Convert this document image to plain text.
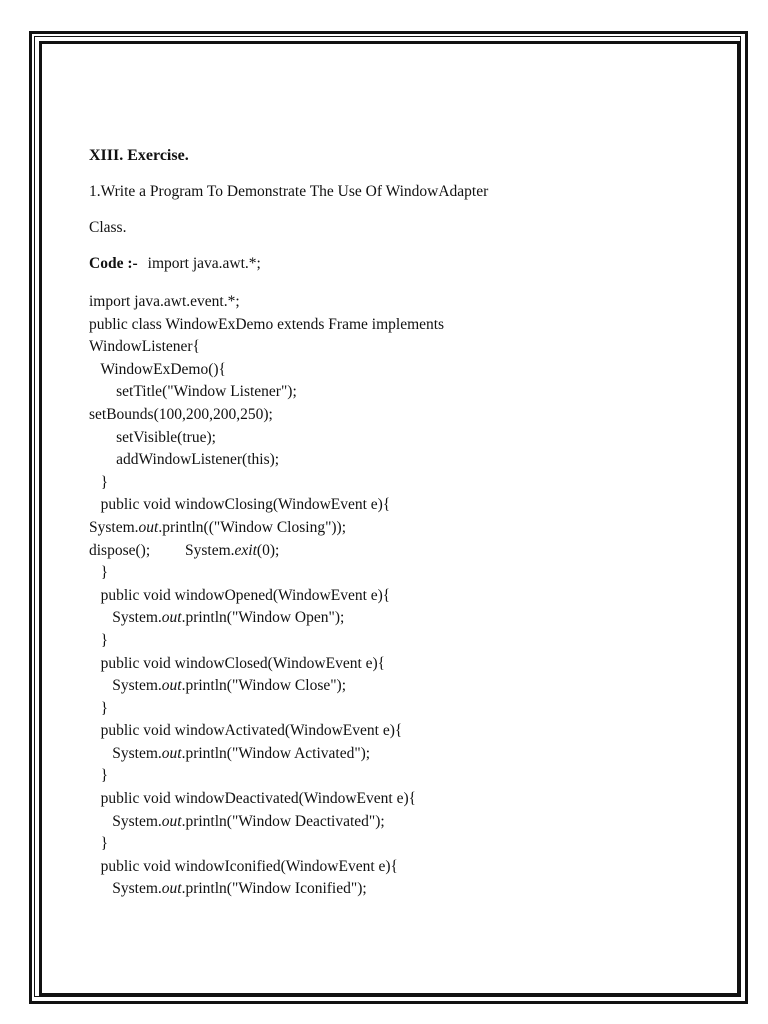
XIII. Exercise.
1.Write a Program To Demonstrate The Use Of WindowAdapter
Class.
Code :- import java.awt.*;
import java.awt.event.*;
public class WindowExDemo extends Frame implements
WindowListener{
WindowExDemo(){
setTitle("Window Listener");
setBounds(100,200,200,250);
setVisible(true);
addWindowListener(this);
}
public void windowClosing(WindowEvent e){
System.out.println(("Window Closing"));
dispose();         System.exit(0);
}
public void windowOpened(WindowEvent e){
System.out.println("Window Open");
}
public void windowClosed(WindowEvent e){
System.out.println("Window Close");
}
public void windowActivated(WindowEvent e){
System.out.println("Window Activated");
}
public void windowDeactivated(WindowEvent e){
System.out.println("Window Deactivated");
}
public void windowIconified(WindowEvent e){
System.out.println("Window Iconified");
